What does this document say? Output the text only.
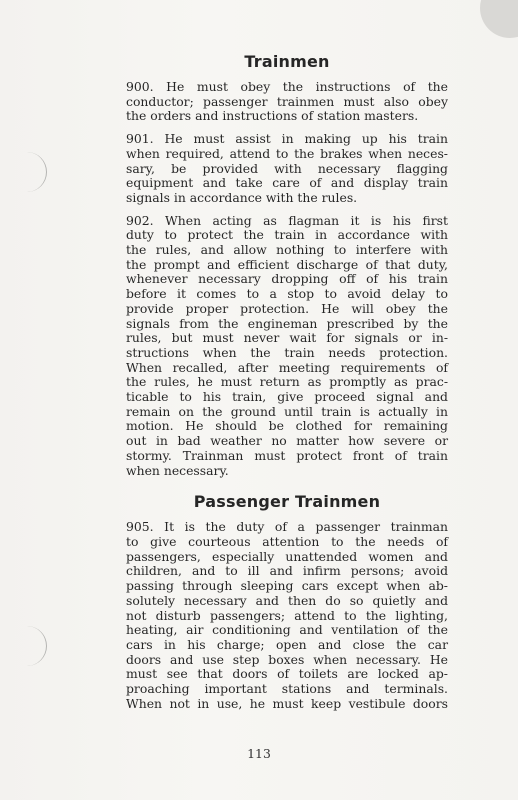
Trainmen
900. He must obey the instructions of the
conductor; passenger trainmen must also obey
the orders and instructions of station masters.
901. He must assist in making up his train
when required, attend to the brakes when neces-
sary, be provided with necessary flagging
equipment and take care of and display train
signals in accordance with the rules.
902. When acting as flagman it is his first
duty to protect the train in accordance with
the rules, and allow nothing to interfere with
the prompt and efficient discharge of that duty,
whenever necessary dropping off of his train
before it comes to a stop to avoid delay to
provide proper protection. He will obey the
signals from the engineman prescribed by the
rules, but must never wait for signals or in-
structions when the train needs protection.
When recalled, after meeting requirements of
the rules, he must return as promptly as prac-
ticable to his train, give proceed signal and
remain on the ground until train is actually in
motion. He should be clothed for remaining
out in bad weather no matter how severe or
stormy. Trainman must protect front of train
when necessary.
Passenger Trainmen
905. It is the duty of a passenger trainman
to give courteous attention to the needs of
passengers, especially unattended women and
children, and to ill and infirm persons; avoid
passing through sleeping cars except when ab-
solutely necessary and then do so quietly and
not disturb passengers; attend to the lighting,
heating, air conditioning and ventilation of the
cars in his charge; open and close the car
doors and use step boxes when necessary. He
must see that doors of toilets are locked ap-
proaching important stations and terminals.
When not in use, he must keep vestibule doors
113
